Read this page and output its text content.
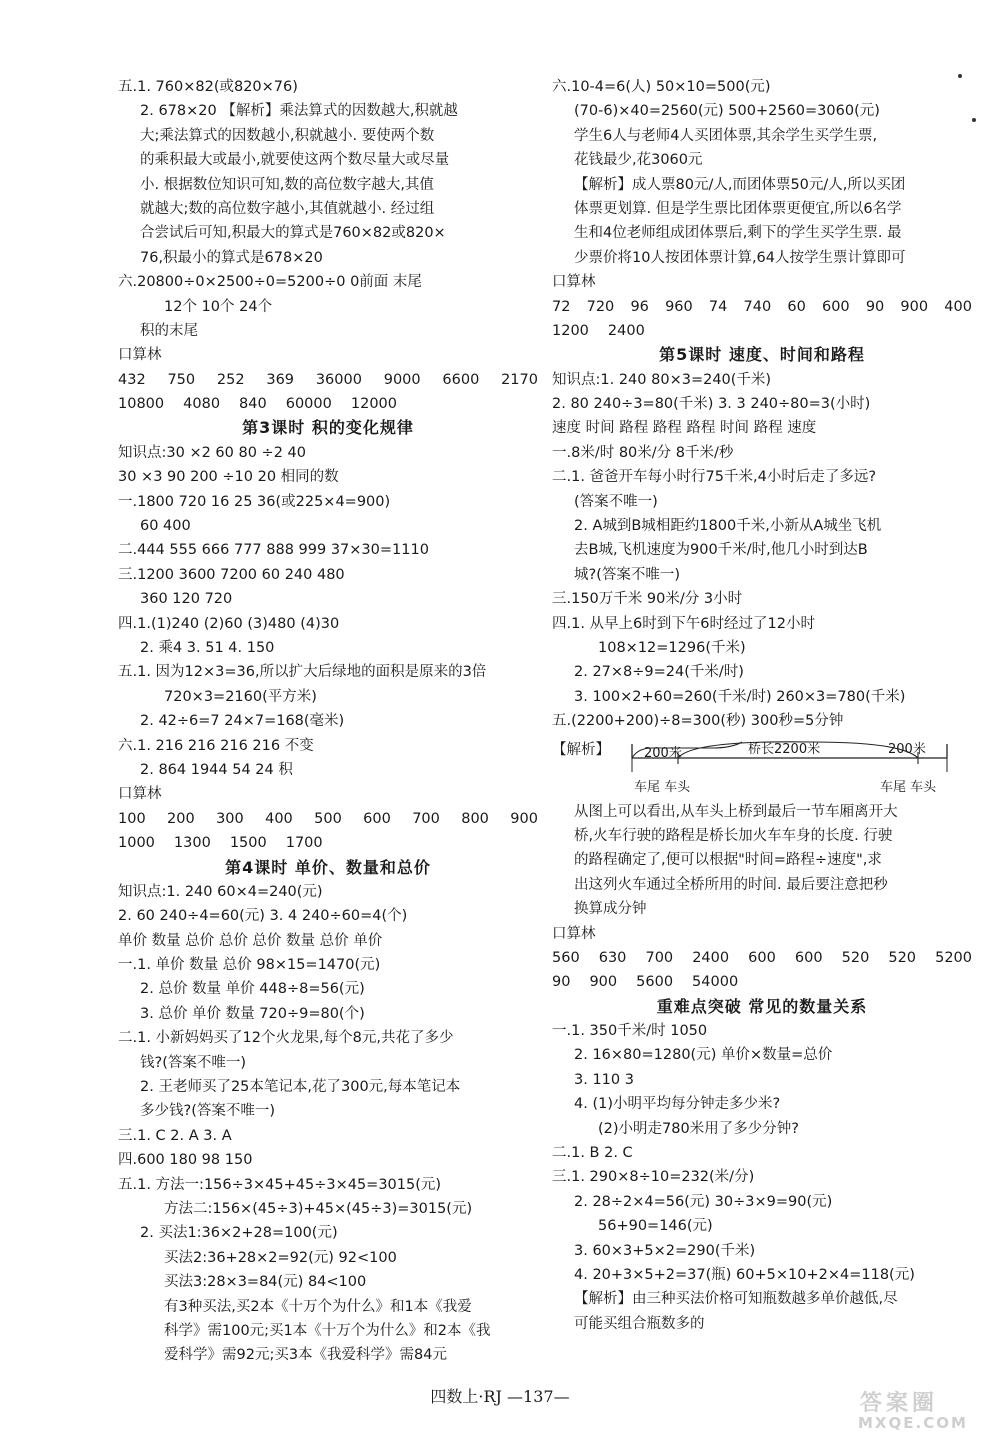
五.1. 760×82(或820×76)
2. 678×20 【解析】乘法算式的因数越大,积就越
大;乘法算式的因数越小,积就越小. 要使两个数
的乘积最大或最小,就要使这两个数尽量大或尽量
小. 根据数位知识可知,数的高位数字越大,其值
就越大;数的高位数字越小,其值就越小. 经过组
合尝试后可知,积最大的算式是760×82或820×
76,积最小的算式是678×20
六.20800÷0×2500÷0=5200÷0 0前面 末尾
12个 10个 24个
积的末尾
口算林
432 750 252 369 36000 9000 6600 2170
10800 4080 840 60000 12000
第3课时 积的变化规律
知识点:30 ×2 60 80 ÷2 40
30 ×3 90 200 ÷10 20 相同的数
一.1800 720 16 25 36(或225×4=900)
60 400
二.444 555 666 777 888 999 37×30=1110
三.1200 3600 7200 60 240 480
360 120 720
四.1.(1)240 (2)60 (3)480 (4)30
2. 乘4 3. 51 4. 150
五.1. 因为12×3=36,所以扩大后绿地的面积是原来的3倍
720×3=2160(平方米)
2. 42÷6=7 24×7=168(毫米)
六.1. 216 216 216 216 不变
2. 864 1944 54 24 积
口算林
100 200 300 400 500 600 700 800 900
1000 1300 1500 1700
第4课时 单价、数量和总价
知识点:1. 240 60×4=240(元)
2. 60 240÷4=60(元) 3. 4 240÷60=4(个)
单价 数量 总价 总价 总价 数量 总价 单价
一.1. 单价 数量 总价 98×15=1470(元)
2. 总价 数量 单价 448÷8=56(元)
3. 总价 单价 数量 720÷9=80(个)
二.1. 小新妈妈买了12个火龙果,每个8元,共花了多少
钱?(答案不唯一)
2. 王老师买了25本笔记本,花了300元,每本笔记本
多少钱?(答案不唯一)
三.1. C 2. A 3. A
四.600 180 98 150
五.1. 方法一:156÷3×45+45÷3×45=3015(元)
方法二:156×(45÷3)+45×(45÷3)=3015(元)
2. 买法1:36×2+28=100(元)
买法2:36+28×2=92(元) 92<100
买法3:28×3=84(元) 84<100
有3种买法,买2本《十万个为什么》和1本《我爱
科学》需100元;买1本《十万个为什么》和2本《我
爱科学》需92元;买3本《我爱科学》需84元
六.10-4=6(人) 50×10=500(元)
(70-6)×40=2560(元) 500+2560=3060(元)
学生6人与老师4人买团体票,其余学生买学生票,
花钱最少,花3060元
【解析】成人票80元/人,而团体票50元/人,所以买团
体票更划算. 但是学生票比团体票更便宜,所以6名学
生和4位老师组成团体票后,剩下的学生买学生票. 最
少票价将10人按团体票计算,64人按学生票计算即可
口算林
72 720 96 960 74 740 60 600 90 900 400
1200 2400
第5课时 速度、时间和路程
知识点:1. 240 80×3=240(千米)
2. 80 240÷3=80(千米) 3. 3 240÷80=3(小时)
速度 时间 路程 路程 路程 时间 路程 速度
一.8米/时 80米/分 8千米/秒
二.1. 爸爸开车每小时行75千米,4小时后走了多远?
(答案不唯一)
2. A城到B城相距约1800千米,小新从A城坐飞机
去B城,飞机速度为900千米/时,他几小时到达B
城?(答案不唯一)
三.150万千米 90米/分 3小时
四.1. 从早上6时到下午6时经过了12小时
108×12=1296(千米)
2. 27×8÷9=24(千米/时)
3. 100×2+60=260(千米/时) 260×3=780(千米)
五.(2200+200)÷8=300(秒) 300秒=5分钟
【解析】	200米	桥长2200米	200米
车尾 车头	车尾 车头
从图上可以看出,从车头上桥到最后一节车厢离开大
桥,火车行驶的路程是桥长加火车车身的长度. 行驶
的路程确定了,便可以根据"时间=路程÷速度",求
出这列火车通过全桥所用的时间. 最后要注意把秒
换算成分钟
口算林
560 630 700 2400 600 600 520 520 5200
90 900 5600 54000
重难点突破 常见的数量关系
一.1. 350千米/时 1050
2. 16×80=1280(元) 单价×数量=总价
3. 110 3
4. (1)小明平均每分钟走多少米?
(2)小明走780米用了多少分钟?
二.1. B 2. C
三.1. 290×8÷10=232(米/分)
2. 28÷2×4=56(元) 30÷3×9=90(元)
56+90=146(元)
3. 60×3+5×2=290(千米)
4. 20+3×5+2=37(瓶) 60+5×10+2×4=118(元)
【解析】由三种买法价格可知瓶数越多单价越低,尽
可能买组合瓶数多的
四数上·RJ —137—	答案圈
MXQE.COM
